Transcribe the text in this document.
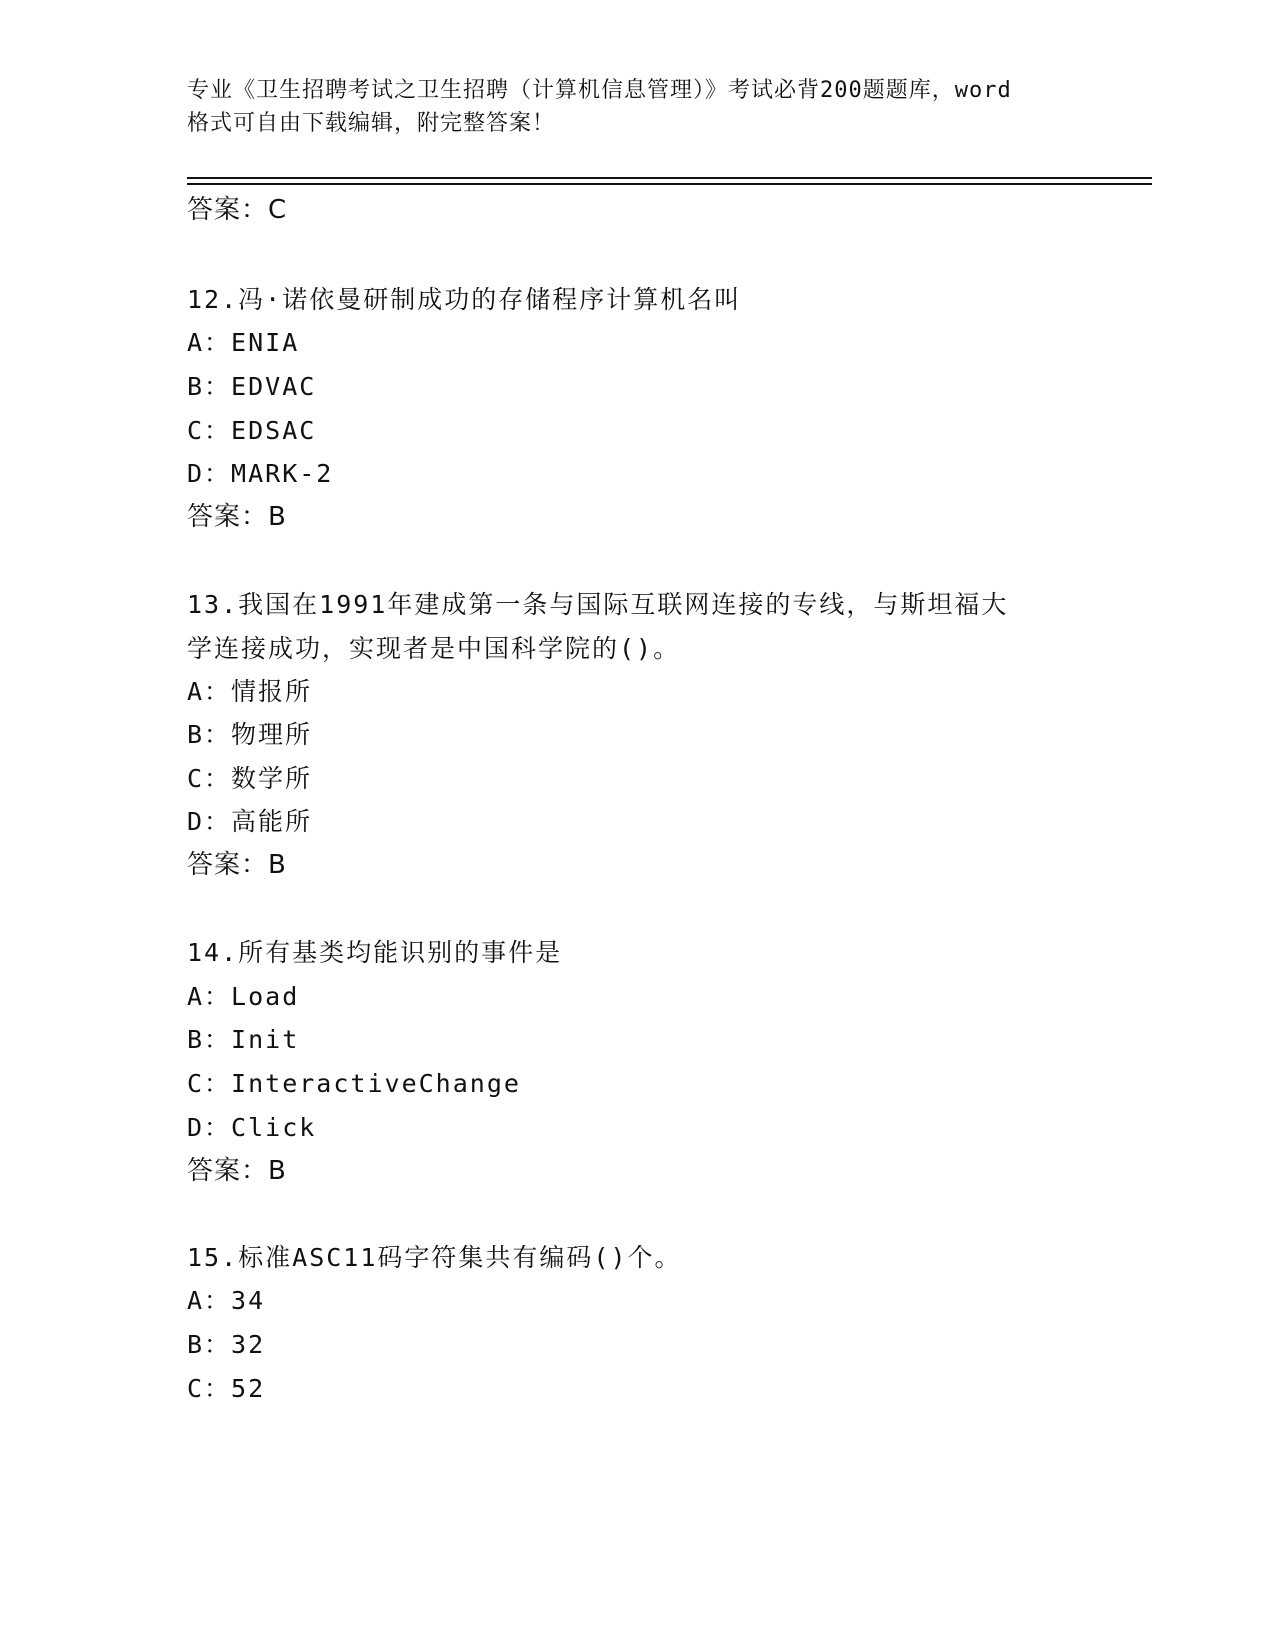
专业《卫生招聘考试之卫生招聘（计算机信息管理）》考试必背200题题库，word
格式可自由下载编辑，附完整答案！
答案：C
12.冯·诺依曼研制成功的存储程序计算机名叫
A：ENIA
B：EDVAC
C：EDSAC
D：MARK-2
答案：B
13.我国在1991年建成第一条与国际互联网连接的专线，与斯坦福大
学连接成功，实现者是中国科学院的()。
A：情报所
B：物理所
C：数学所
D：高能所
答案：B
14.所有基类均能识别的事件是
A：Load
B：Init
C：InteractiveChange
D：Click
答案：B
15.标准ASC11码字符集共有编码()个。
A：34
B：32
C：52
